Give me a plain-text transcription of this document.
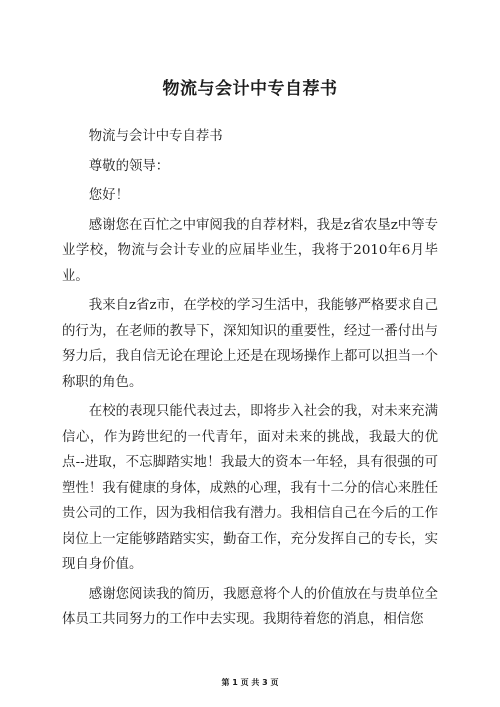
物流与会计中专自荐书

物流与会计中专自荐书

尊敬的领导：

您好！

感谢您在百忙之中审阅我的自荐材料，我是z省农垦z中等专业学校，物流与会计专业的应届毕业生，我将于2010年6月毕业。

我来自z省z市，在学校的学习生活中，我能够严格要求自己的行为，在老师的教导下，深知知识的重要性，经过一番付出与努力后，我自信无论在理论上还是在现场操作上都可以担当一个称职的角色。

在校的表现只能代表过去，即将步入社会的我，对未来充满信心，作为跨世纪的一代青年，面对未来的挑战，我最大的优点--进取，不忘脚踏实地！我最大的资本一年轻，具有很强的可塑性！我有健康的身体，成熟的心理，我有十二分的信心来胜任贵公司的工作，因为我相信我有潜力。我相信自己在今后的工作岗位上一定能够踏踏实实，勤奋工作，充分发挥自己的专长，实现自身价值。

感谢您阅读我的简历，我愿意将个人的价值放在与贵单位全体员工共同努力的工作中去实现。我期待着您的消息，相信您

第 1 页 共 3 页
